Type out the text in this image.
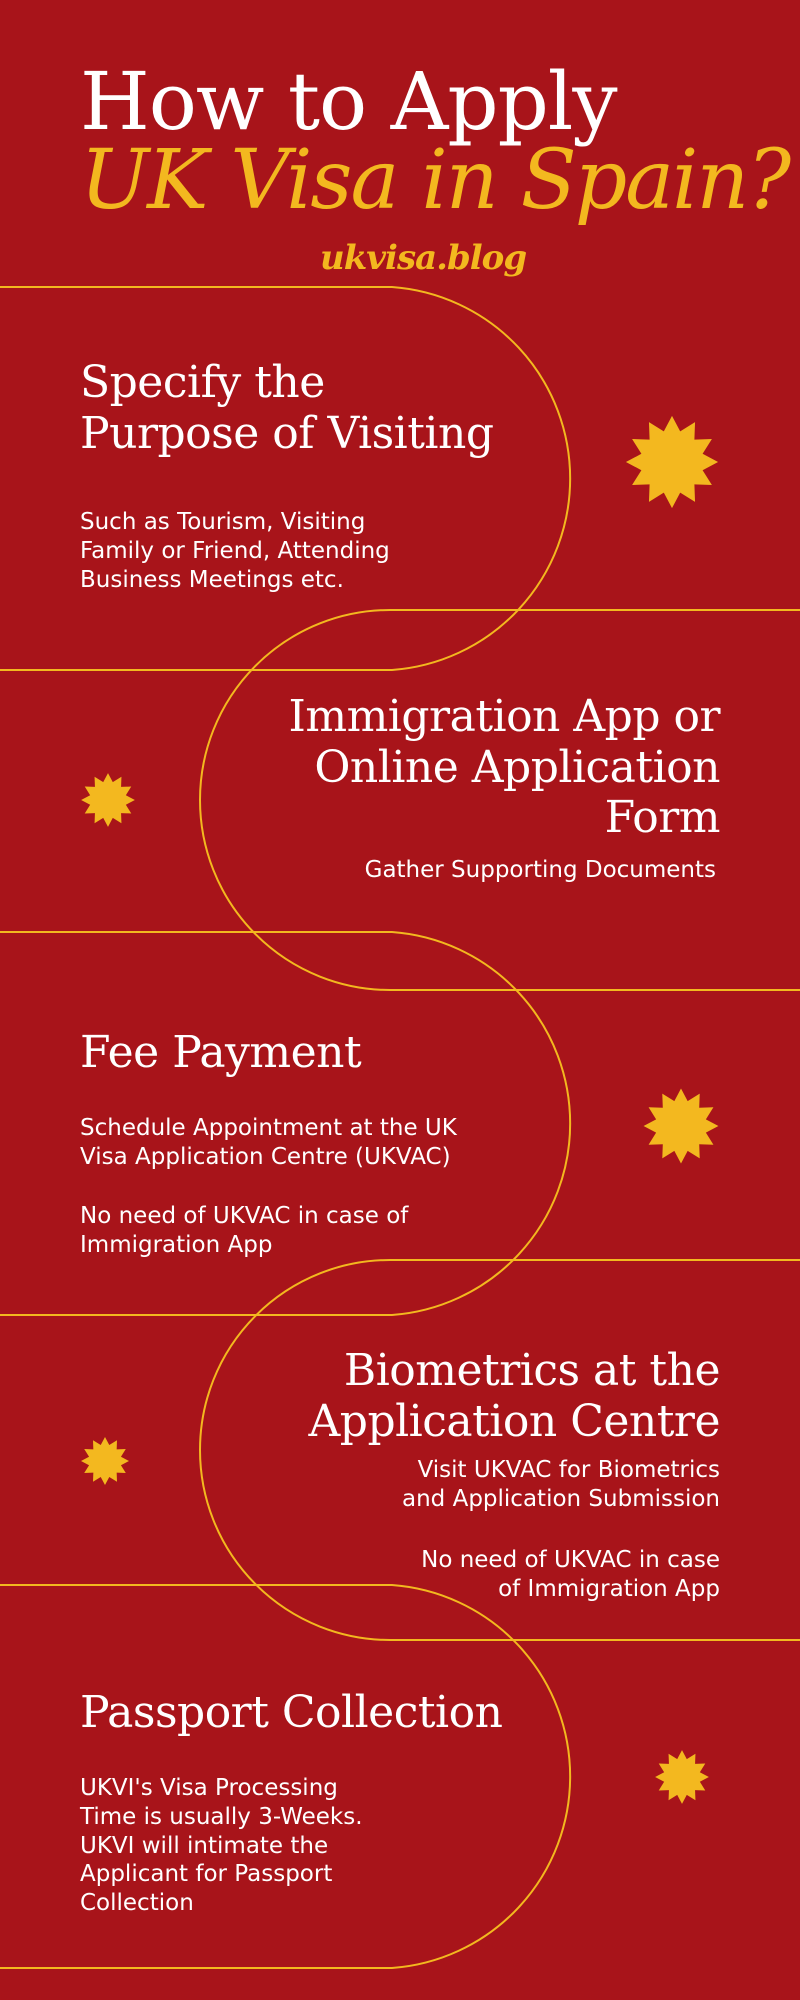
How to Apply
UK Visa in Spain?
ukvisa.blog
Specify the
Purpose of Visiting
Such as Tourism, Visiting
Family or Friend, Attending
Business Meetings etc.
Immigration App or
Online Application
Form
Gather Supporting Documents
Fee Payment
Schedule Appointment at the UK
Visa Application Centre (UKVAC)
No need of UKVAC in case of
Immigration App
Biometrics at the
Application Centre
Visit UKVAC for Biometrics
and Application Submission
No need of UKVAC in case
of Immigration App
Passport Collection
UKVI's Visa Processing
Time is usually 3-Weeks.
UKVI will intimate the
Applicant for Passport
Collection
